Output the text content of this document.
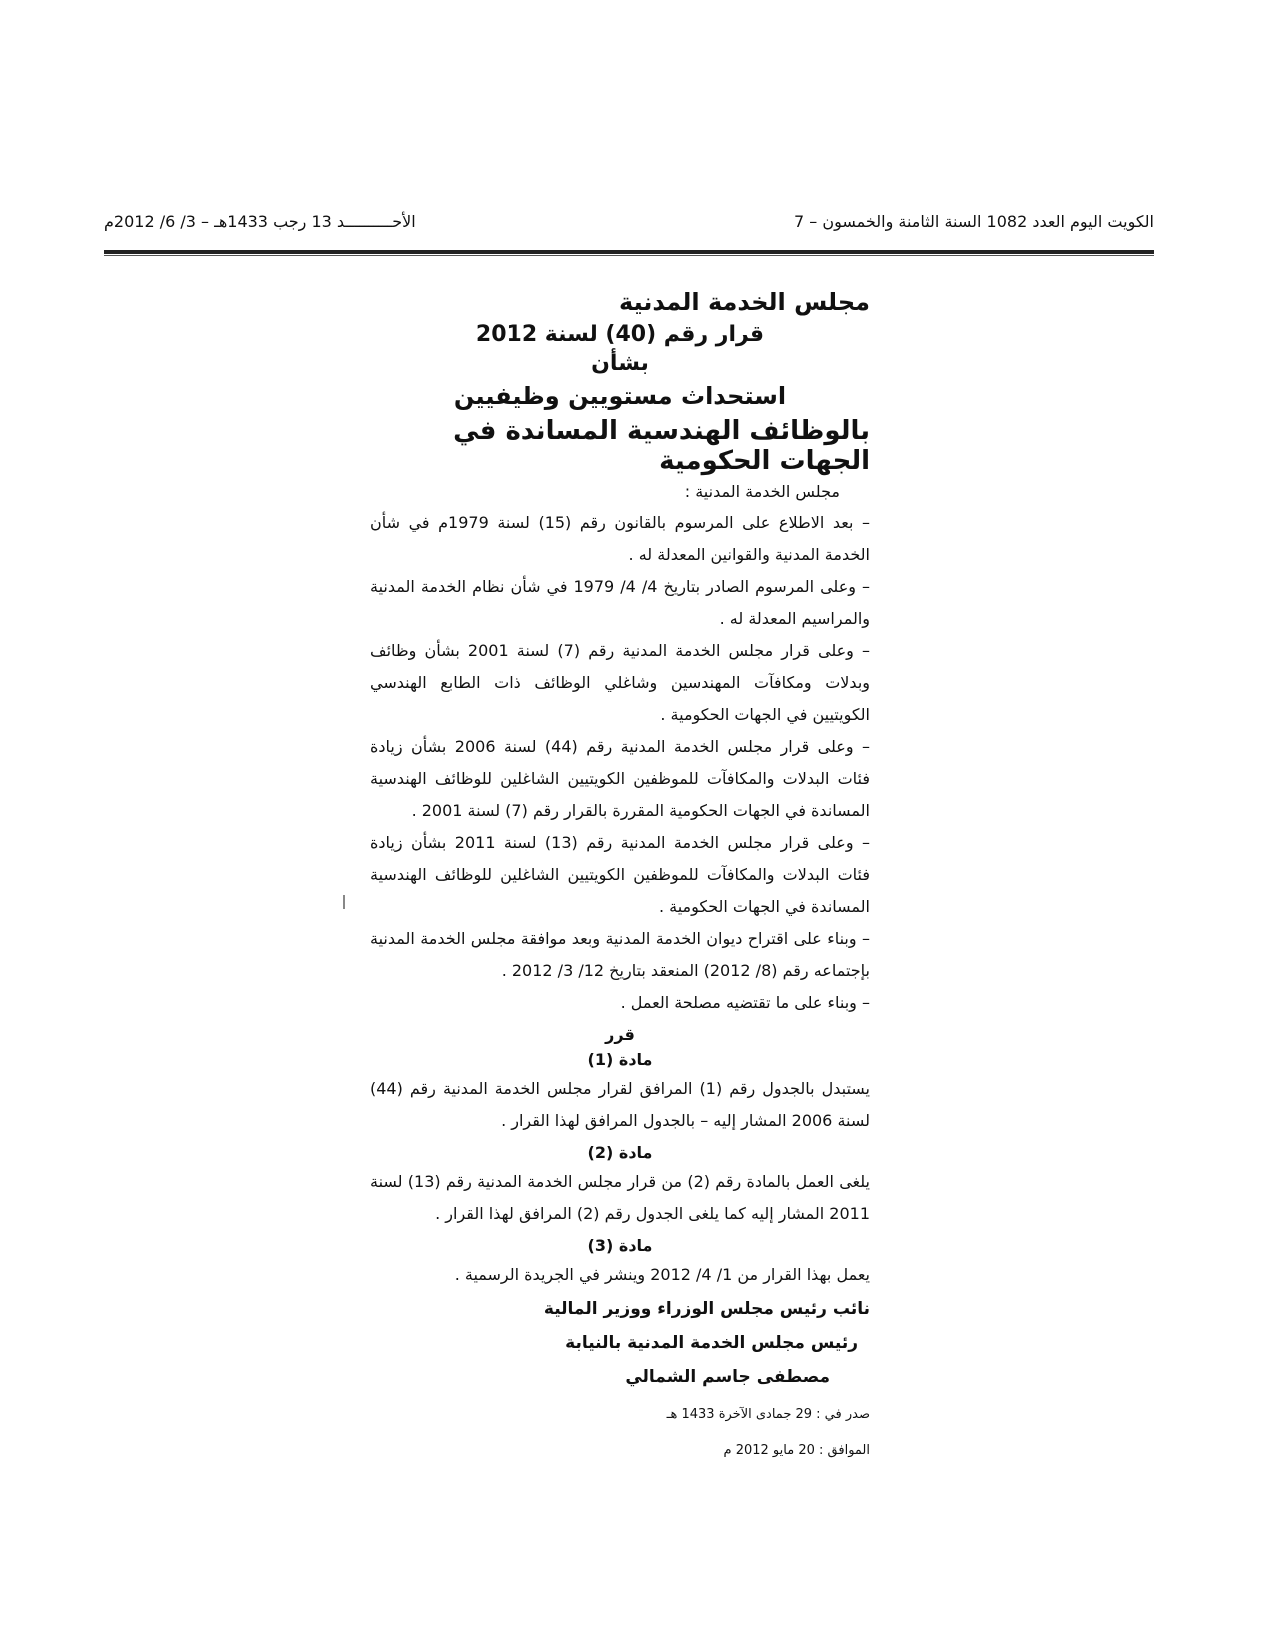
الكويت اليوم العدد 1082 السنة الثامنة والخمسون – 7
الأحــــــــــد 13 رجب 1433هـ – 3/ 6/ 2012م
مجلس الخدمة المدنية
قرار رقم (40) لسنة 2012
بشأن
استحداث مستويين وظيفيين
بالوظائف الهندسية المساندة في الجهات الحكومية
مجلس الخدمة المدنية :

– بعد الاطلاع على المرسوم بالقانون رقم (15) لسنة 1979م في شأن الخدمة المدنية والقوانين المعدلة له .

– وعلى المرسوم الصادر بتاريخ 4/ 4/ 1979 في شأن نظام الخدمة المدنية والمراسيم المعدلة له .

– وعلى قرار مجلس الخدمة المدنية رقم (7) لسنة 2001 بشأن وظائف وبدلات ومكافآت المهندسين وشاغلي الوظائف ذات الطابع الهندسي الكويتيين في الجهات الحكومية .

– وعلى قرار مجلس الخدمة المدنية رقم (44) لسنة 2006 بشأن زيادة فئات البدلات والمكافآت للموظفين الكويتيين الشاغلين للوظائف الهندسية المساندة في الجهات الحكومية المقررة بالقرار رقم (7) لسنة 2001 .

– وعلى قرار مجلس الخدمة المدنية رقم (13) لسنة 2011 بشأن زيادة فئات البدلات والمكافآت للموظفين الكويتيين الشاغلين للوظائف الهندسية المساندة في الجهات الحكومية .

– وبناء على اقتراح ديوان الخدمة المدنية وبعد موافقة مجلس الخدمة المدنية بإجتماعه رقم (8/ 2012) المنعقد بتاريخ 12/ 3/ 2012 .

– وبناء على ما تقتضيه مصلحة العمل .

قرر
مادة (1)

يستبدل بالجدول رقم (1) المرافق لقرار مجلس الخدمة المدنية رقم (44) لسنة 2006 المشار إليه – بالجدول المرافق لهذا القرار .

مادة (2)

يلغى العمل بالمادة رقم (2) من قرار مجلس الخدمة المدنية رقم (13) لسنة 2011 المشار إليه كما يلغى الجدول رقم (2) المرافق لهذا القرار .

مادة (3)

يعمل بهذا القرار من 1/ 4/ 2012 وينشر في الجريدة الرسمية .

نائب رئيس مجلس الوزراء ووزير المالية
رئيس مجلس الخدمة المدنية بالنيابة
مصطفى جاسم الشمالي
صدر في : 29 جمادى الآخرة 1433 هـ
الموافق : 20 مايو 2012 م
